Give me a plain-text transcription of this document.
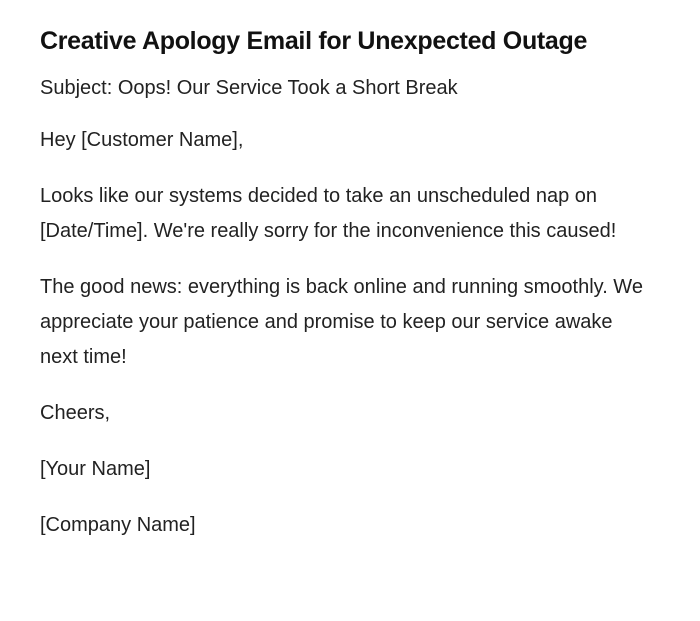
Creative Apology Email for Unexpected Outage

Subject: Oops! Our Service Took a Short Break

Hey [Customer Name],

Looks like our systems decided to take an unscheduled nap on [Date/Time]. We're really sorry for the inconvenience this caused!

The good news: everything is back online and running smoothly. We appreciate your patience and promise to keep our service awake next time!

Cheers,

[Your Name]

[Company Name]
